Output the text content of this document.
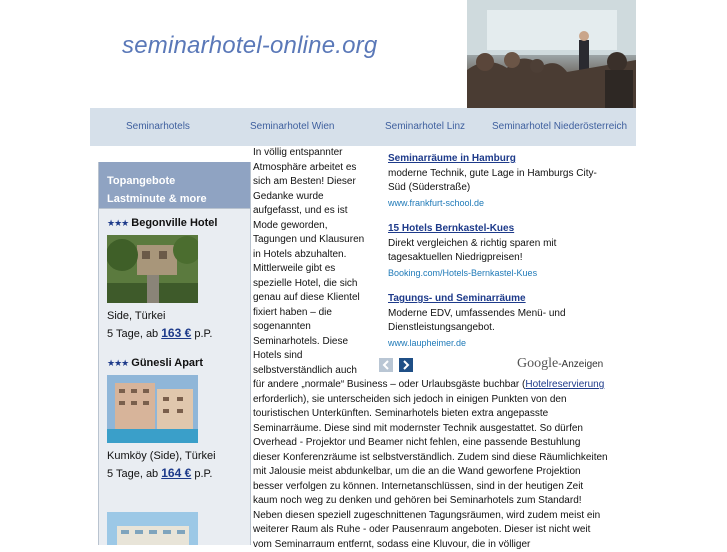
seminarhotel-online.org
Seminarhotels	Seminarhotel Wien	Seminarhotel Linz	Seminarhotel Niederösterreich
Topangebote
Lastminute & more
★★★ Begonville Hotel
Side, Türkei
5 Tage, ab 163 € p.P.
★★★ Günesli Apart
Kumköy (Side), Türkei
5 Tage, ab 164 € p.P.
In völlig entspannter Atmosphäre arbeitet es sich am Besten! Dieser Gedanke wurde aufgefasst, und es ist Mode geworden, Tagungen und Klausuren in Hotels abzuhalten. Mittlerweile gibt es spezielle Hotel, die sich genau auf diese Klientel fixiert haben – die sogenannten Seminarhotels. Diese Hotels sind selbstverständlich auch
für andere „normale“ Business – oder Urlaubsgäste buchbar (Hotelreservierung erforderlich), sie unterscheiden sich jedoch in einigen Punkten von den touristischen Unterkünften. Seminarhotels bieten extra angepasste Seminarräume. Diese sind mit modernster Technik ausgestattet. So dürfen Overhead - Projektor und Beamer nicht fehlen, eine passende Bestuhlung dieser Konferenzräume ist selbstverständlich. Zudem sind diese Räumlichkeiten mit Jalousie meist abdunkelbar, um die an die Wand geworfene Projektion besser verfolgen zu können. Internetanschlüssen, sind in der heutigen Zeit kaum noch weg zu denken und gehören bei Seminarhotels zum Standard! Neben diesen speziell zugeschnittenen Tagungsräumen, wird zudem meist ein weiterer Raum als Ruhe - oder Pausenraum angeboten. Dieser ist nicht weit vom Seminarraum entfernt, sodass eine Kluvour, die in völliger
Seminarräume in Hamburg
moderne Technik, gute Lage in Hamburgs City-Süd (Süderstraße)
www.frankfurt-school.de
15 Hotels Bernkastel-Kues
Direkt vergleichen & richtig sparen mit tagesaktuellen Niedrigpreisen!
Booking.com/Hotels-Bernkastel-Kues
Tagungs- und Seminarräume
Moderne EDV, umfassendes Menü- und Dienstleistungsangebot.
www.laupheimer.de

Google-Anzeigen
